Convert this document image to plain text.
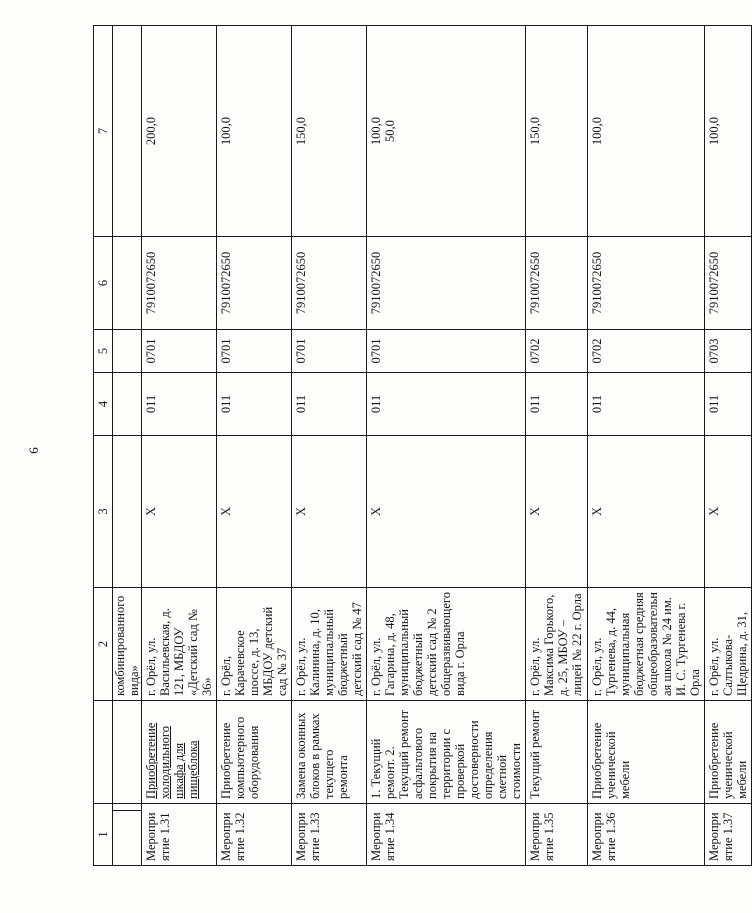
9
1			2	3	4	5	6	7
			комбинированного вида»					
Мероприятие 1.31		Приобретение холодильного шкафа для пищеблока	г. Орёл, ул. Васильевская, д. 121, МБДОУ «Детский сад № 36»	Х	011	0701	7910072650	200,0

Мероприятие 1.32		Приобретение компьютерного оборудования	г. Орёл, Карачевское шоссе, д. 13, МБДОУ детский сад № 37	Х	011	0701	7910072650	100,0

Мероприятие 1.33		Замена оконных блоков в рамках текущего ремонта	г. Орёл, ул. Калинина, д. 10, муниципальный бюджетный детский сад № 47	Х	011	0701	7910072650	150,0

Мероприятие 1.34		1. Текущий ремонт. 2. Текущий ремонт асфальтового покрытия на территории с проверкой достоверности определения сметной стоимости	г. Орёл, ул. Гагарина, д. 48, муниципальный бюджетный детский сад № 2 общеразвивающего вида г. Орла	Х	011	0701	7910072650	100,0 50,0

Мероприятие 1.35		Текущий ремонт	г. Орёл, ул. Максима Горького, д. 25, МБОУ – лицей № 22 г. Орла	Х	011	0702	7910072650	150,0

Мероприятие 1.36		Приобретение ученической мебели	г. Орёл, ул. Тургенева, д. 44, муниципальная бюджетная средняя общеобразовательная школа № 24 им. И. С. Тургенева г. Орла	Х	011	0702	7910072650	100,0

Мероприятие 1.37		Приобретение ученической мебели	г. Орёл, ул. Салтыкова-Щедрина, д. 31,	Х	011	0703	7910072650	100,0
